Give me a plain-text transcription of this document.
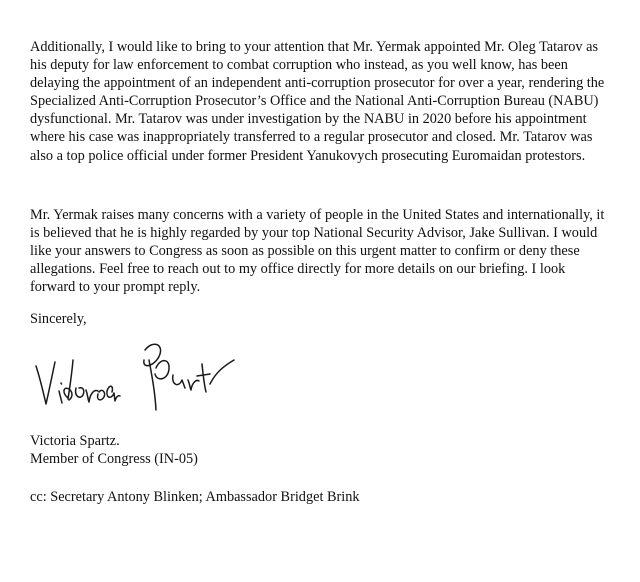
Additionally, I would like to bring to your attention that Mr. Yermak appointed Mr. Oleg Tatarov as his deputy for law enforcement to combat corruption who instead, as you well know, has been delaying the appointment of an independent anti-corruption prosecutor for over a year, rendering the Specialized Anti-Corruption Prosecutor’s Office and the National Anti-Corruption Bureau (NABU) dysfunctional. Mr. Tatarov was under investigation by the NABU in 2020 before his appointment where his case was inappropriately transferred to a regular prosecutor and closed. Mr. Tatarov was also a top police official under former President Yanukovych prosecuting Euromaidan protestors.

Mr. Yermak raises many concerns with a variety of people in the United States and internationally, it is believed that he is highly regarded by your top National Security Advisor, Jake Sullivan. I would like your answers to Congress as soon as possible on this urgent matter to confirm or deny these allegations. Feel free to reach out to my office directly for more details on our briefing. I look forward to your prompt reply.

Sincerely,

Victoria Spartz.

Member of Congress (IN-05)

cc: Secretary Antony Blinken; Ambassador Bridget Brink
